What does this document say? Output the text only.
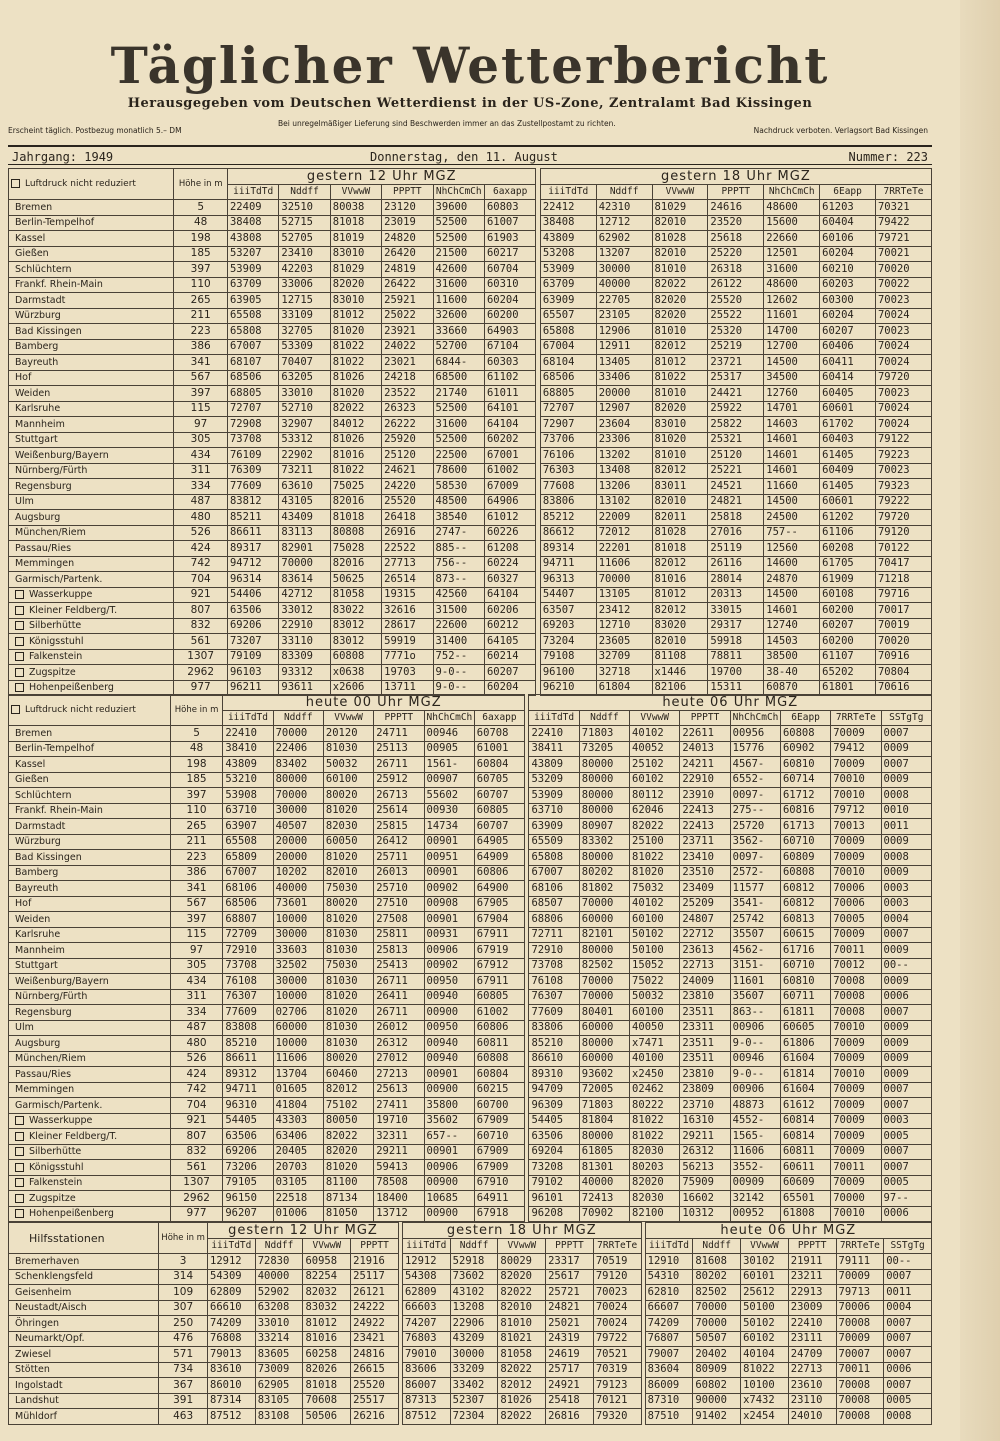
Täglicher Wetterbericht
Herausgegeben vom Deutschen Wetterdienst in der US-Zone, Zentralamt Bad Kissingen
Erscheint täglich. Postbezug monatlich 5.– DM
Bei unregelmäßiger Lieferung sind Beschwerden immer an das Zustellpostamt zu richten.
Nachdruck verboten. Verlagsort Bad Kissingen
Jahrgang: 1949	Donnerstag, den 11. August	Nummer: 223
Luftdruck nicht reduziert	Höhe in m	gestern 12 Uhr MGZ							gestern 18 Uhr MGZ						
		iiiTdTd	Nddff	VVwwW	PPPTT	NhChCmCh	6axapp		iiiTdTd	Nddff	VVwwW	PPPTT	NhChCmCh	6Eapp	7RRTeTe
Bremen	5	22409	32510	80038	23120	39600	60803		22412	42310	81029	24616	48600	61203	70321
Berlin-Tempelhof	48	38408	52715	81018	23019	52500	61007		38408	12712	82010	23520	15600	60404	79422
Kassel	198	43808	52705	81019	24820	52500	61903		43809	62902	81028	25618	22660	60106	79721
Gießen	185	53207	23410	83010	26420	21500	60217		53208	13207	82010	25220	12501	60204	70021
Schlüchtern	397	53909	42203	81029	24819	42600	60704		53909	30000	81010	26318	31600	60210	70020
Frankf. Rhein-Main	110	63709	33006	82020	26422	31600	60310		63709	40000	82022	26122	48600	60203	70022
Darmstadt	265	63905	12715	83010	25921	11600	60204		63909	22705	82020	25520	12602	60300	70023
Würzburg	211	65508	33109	81012	25022	32600	60200		65507	23105	82020	25522	11601	60204	70024
Bad Kissingen	223	65808	32705	81020	23921	33660	64903		65808	12906	81010	25320	14700	60207	70023
Bamberg	386	67007	53309	81022	24022	52700	67104		67004	12911	82012	25219	12700	60406	70024
Bayreuth	341	68107	70407	81022	23021	6844-	60303		68104	13405	81012	23721	14500	60411	70024
Hof	567	68506	63205	81026	24218	68500	61102		68506	33406	81022	25317	34500	60414	79720
Weiden	397	68805	33010	81020	23522	21740	61011		68805	20000	81010	24421	12760	60405	70023
Karlsruhe	115	72707	52710	82022	26323	52500	64101		72707	12907	82020	25922	14701	60601	70024
Mannheim	97	72908	32907	84012	26222	31600	64104		72907	23604	83010	25822	14603	61702	70024
Stuttgart	305	73708	53312	81026	25920	52500	60202		73706	23306	81020	25321	14601	60403	79122
Weißenburg/Bayern	434	76109	22902	81016	25120	22500	67001		76106	13202	81010	25120	14601	61405	79223
Nürnberg/Fürth	311	76309	73211	81022	24621	78600	61002		76303	13408	82012	25221	14601	60409	70023
Regensburg	334	77609	63610	75025	24220	58530	67009		77608	13206	83011	24521	11660	61405	79323
Ulm	487	83812	43105	82016	25520	48500	64906		83806	13102	82010	24821	14500	60601	79222
Augsburg	480	85211	43409	81018	26418	38540	61012		85212	22009	82011	25818	24500	61202	79720
München/Riem	526	86611	83113	80808	26916	2747-	60226		86612	72012	81028	27016	757--	61106	79120
Passau/Ries	424	89317	82901	75028	22522	885--	61208		89314	22201	81018	25119	12560	60208	70122
Memmingen	742	94712	70000	82016	27713	756--	60224		94711	11606	82012	26116	14600	61705	70417
Garmisch/Partenk.	704	96314	83614	50625	26514	873--	60327		96313	70000	81016	28014	24870	61909	71218
Wasserkuppe	921	54406	42712	81058	19315	42560	64104		54407	13105	81012	20313	14500	60108	79716
Kleiner Feldberg/T.	807	63506	33012	83022	32616	31500	60206		63507	23412	82012	33015	14601	60200	70017
Silberhütte	832	69206	22910	83012	28617	22600	60212		69203	12710	83020	29317	12740	60207	70019
Königsstuhl	561	73207	33110	83012	59919	31400	64105		73204	23605	82010	59918	14503	60200	70020
Falkenstein	1307	79109	83309	60808	7771o	752--	60214		79108	32709	81108	78811	38500	61107	70916
Zugspitze	2962	96103	93312	x0638	19703	9-0--	60207		96100	32718	x1446	19700	38-40	65202	70804
Hohenpeißenberg	977	96211	93611	x2606	13711	9-0--	60204		96210	61804	82106	15311	60870	61801	70616
Luftdruck nicht reduziert	Höhe in m	heute 00 Uhr MGZ							heute 06 Uhr MGZ							
		iiiTdTd	Nddff	VVwwW	PPPTT	NhChCmCh	6axapp		iiiTdTd	Nddff	VVwwW	PPPTT	NhChCmCh	6Eapp	7RRTeTe	SSTgTg
Bremen	5	22410	70000	20120	24711	00946	60708		22410	71803	40102	22611	00956	60808	70009	0007
Berlin-Tempelhof	48	38410	22406	81030	25113	00905	61001		38411	73205	40052	24013	15776	60902	79412	0009
Kassel	198	43809	83402	50032	26711	1561-	60804		43809	80000	25102	24211	4567-	60810	70009	0007
Gießen	185	53210	80000	60100	25912	00907	60705		53209	80000	60102	22910	6552-	60714	70010	0009
Schlüchtern	397	53908	70000	80020	26713	55602	60707		53909	80000	80112	23910	0097-	61712	70010	0008
Frankf. Rhein-Main	110	63710	30000	81020	25614	00930	60805		63710	80000	62046	22413	275--	60816	79712	0010
Darmstadt	265	63907	40507	82030	25815	14734	60707		63909	80907	82022	22413	25720	61713	70013	0011
Würzburg	211	65508	20000	60050	26412	00901	64905		65509	83302	25100	23711	3562-	60710	70009	0009
Bad Kissingen	223	65809	20000	81020	25711	00951	64909		65808	80000	81022	23410	0097-	60809	70009	0008
Bamberg	386	67007	10202	82010	26013	00901	60806		67007	80202	81020	23510	2572-	60808	70010	0009
Bayreuth	341	68106	40000	75030	25710	00902	64900		68106	81802	75032	23409	11577	60812	70006	0003
Hof	567	68506	73601	80020	27510	00908	67905		68507	70000	40102	25209	3541-	60812	70006	0003
Weiden	397	68807	10000	81020	27508	00901	67904		68806	60000	60100	24807	25742	60813	70005	0004
Karlsruhe	115	72709	30000	81030	25811	00931	67911		72711	82101	50102	22712	35507	60615	70009	0007
Mannheim	97	72910	33603	81030	25813	00906	67919		72910	80000	50100	23613	4562-	61716	70011	0009
Stuttgart	305	73708	32502	75030	25413	00902	67912		73708	82502	15052	22713	3151-	60710	70012	00--
Weißenburg/Bayern	434	76108	30000	81030	26711	00950	67911		76108	70000	75022	24009	11601	60810	70008	0009
Nürnberg/Fürth	311	76307	10000	81020	26411	00940	60805		76307	70000	50032	23810	35607	60711	70008	0006
Regensburg	334	77609	02706	81020	26711	00900	61002		77609	80401	60100	23511	863--	61811	70008	0007
Ulm	487	83808	60000	81030	26012	00950	60806		83806	60000	40050	23311	00906	60605	70010	0009
Augsburg	480	85210	10000	81030	26312	00940	60811		85210	80000	x7471	23511	9-0--	61806	70009	0009
München/Riem	526	86611	11606	80020	27012	00940	60808		86610	60000	40100	23511	00946	61604	70009	0009
Passau/Ries	424	89312	13704	60460	27213	00901	60804		89310	93602	x2450	23810	9-0--	61814	70010	0009
Memmingen	742	94711	01605	82012	25613	00900	60215		94709	72005	02462	23809	00906	61604	70009	0007
Garmisch/Partenk.	704	96310	41804	75102	27411	35800	60700		96309	71803	80222	23710	48873	61612	70009	0007
Wasserkuppe	921	54405	43303	80050	19710	35602	67909		54405	81804	81022	16310	4552-	60814	70009	0003
Kleiner Feldberg/T.	807	63506	63406	82022	32311	657--	60710		63506	80000	81022	29211	1565-	60814	70009	0005
Silberhütte	832	69206	20405	82020	29211	00901	67909		69204	61805	82030	26312	11606	60811	70009	0007
Königsstuhl	561	73206	20703	81020	59413	00906	67909		73208	81301	80203	56213	3552-	60611	70011	0007
Falkenstein	1307	79105	03105	81100	78508	00900	67910		79102	40000	82020	75909	00909	60609	70009	0005
Zugspitze	2962	96150	22518	87134	18400	10685	64911		96101	72413	82030	16602	32142	65501	70000	97--
Hohenpeißenberg	977	96207	01006	81050	13712	00900	67918		96208	70902	82100	10312	00952	61808	70010	0006
Hilfsstationen	Höhe in m	gestern 12 Uhr MGZ					gestern 18 Uhr MGZ						heute 06 Uhr MGZ					
		iiiTdTd	Nddff	VVwwW	PPPTT		iiiTdTd	Nddff	VVwwW	PPPTT	7RRTeTe		iiiTdTd	Nddff	VVwwW	PPPTT	7RRTeTe	SSTgTg
Bremerhaven	3	12912	72830	60958	21916		12912	52918	80029	23317	70519		12910	81608	30102	21911	79111	00--
Schenklengsfeld	314	54309	40000	82254	25117		54308	73602	82020	25617	79120		54310	80202	60101	23211	70009	0007
Geisenheim	109	62809	52902	82032	26121		62809	43102	82022	25721	70023		62810	82502	25612	22913	79713	0011
Neustadt/Aisch	307	66610	63208	83032	24222		66603	13208	82010	24821	70024		66607	70000	50100	23009	70006	0004
Öhringen	250	74209	33010	81012	24922		74207	22906	81010	25021	70024		74209	70000	50102	22410	70008	0007
Neumarkt/Opf.	476	76808	33214	81016	23421		76803	43209	81021	24319	79722		76807	50507	60102	23111	70009	0007
Zwiesel	571	79013	83605	60258	24816		79010	30000	81058	24619	70521		79007	20402	40104	24709	70007	0007
Stötten	734	83610	73009	82026	26615		83606	33209	82022	25717	70319		83604	80909	81022	22713	70011	0006
Ingolstadt	367	86010	62905	81018	25520		86007	33402	82012	24921	79123		86009	60802	10100	23610	70008	0007
Landshut	391	87314	83105	70608	25517		87313	52307	81026	25418	70121		87310	90000	x7432	23110	70008	0005
Mühldorf	463	87512	83108	50506	26216		87512	72304	82022	26816	79320		87510	91402	x2454	24010	70008	0008
